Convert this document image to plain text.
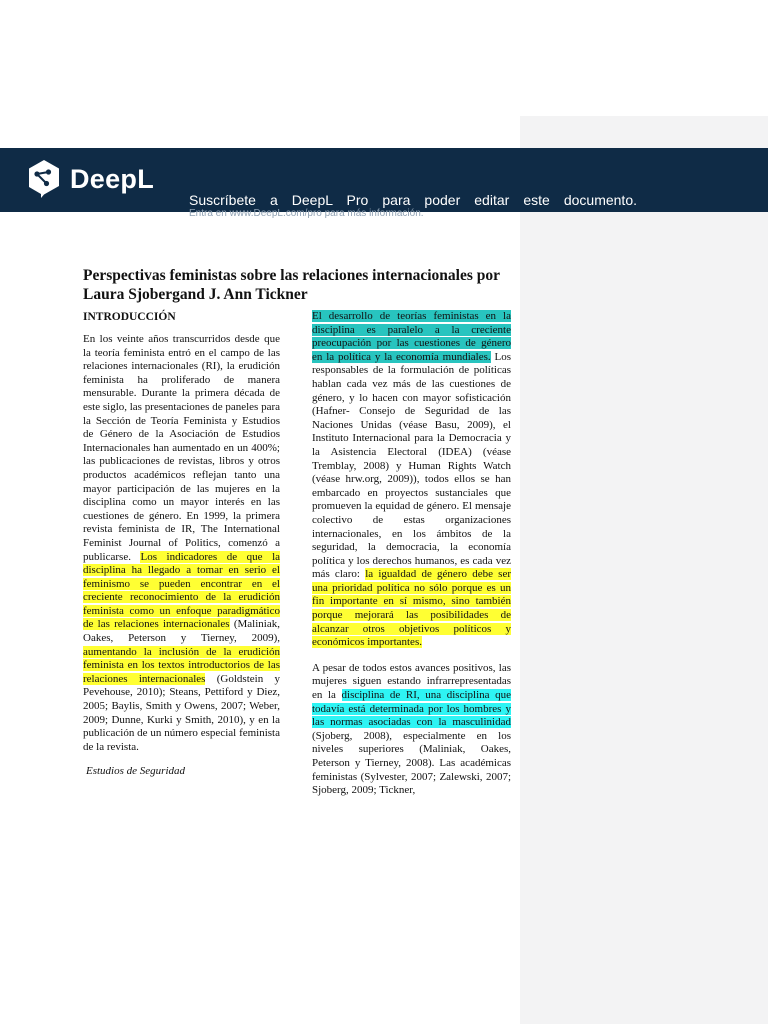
DeepL
Suscríbete a DeepL Pro para poder editar este documento.
Entra en www.DeepL.com/pro para más información.
Perspectivas feministas sobre las relaciones internacionales por Laura Sjobergand J. Ann Tickner
INTRODUCCIÓN

En los veinte años transcurridos desde que la teoría feminista entró en el campo de las relaciones internacionales (RI), la erudición feminista ha proliferado de manera mensurable. Durante la primera década de este siglo, las presentaciones de paneles para la Sección de Teoría Feminista y Estudios de Género de la Asociación de Estudios Internacionales han aumentado en un 400%; las publicaciones de revistas, libros y otros productos académicos reflejan tanto una mayor participación de las mujeres en la disciplina como un mayor interés en las cuestiones de género. En 1999, la primera revista feminista de IR, The International Feminist Journal of Politics, comenzó a publicarse. Los indicadores de que la disciplina ha llegado a tomar en serio el feminismo se pueden encontrar en el creciente reconocimiento de la erudición feminista como un enfoque paradigmático de las relaciones internacionales (Maliniak, Oakes, Peterson y Tierney, 2009), aumentando la inclusión de la erudición feminista en los textos introductorios de las relaciones internacionales (Goldstein y Pevehouse, 2010); Steans, Pettiford y Diez, 2005; Baylis, Smith y Owens, 2007; Weber, 2009; Dunne, Kurki y Smith, 2010), y en la publicación de un número especial feminista de la revista.

Estudios de Seguridad

El desarrollo de teorías feministas en la disciplina es paralelo a la creciente preocupación por las cuestiones de género en la política y la economía mundiales. Los responsables de la formulación de políticas hablan cada vez más de las cuestiones de género, y lo hacen con mayor sofisticación (Hafner- Consejo de Seguridad de las Naciones Unidas (véase Basu, 2009), el Instituto Internacional para la Democracia y la Asistencia Electoral (IDEA) (véase Tremblay, 2008) y Human Rights Watch (véase hrw.org, 2009)), todos ellos se han embarcado en proyectos sustanciales que promueven la equidad de género. El mensaje colectivo de estas organizaciones internacionales, en los ámbitos de la seguridad, la democracia, la economía política y los derechos humanos, es cada vez más claro: la igualdad de género debe ser una prioridad política no sólo porque es un fin importante en sí mismo, sino también porque mejorará las posibilidades de alcanzar otros objetivos políticos y económicos importantes.

A pesar de todos estos avances positivos, las mujeres siguen estando infrarrepresentadas en la disciplina de RI, una disciplina que todavía está determinada por los hombres y las normas asociadas con la masculinidad (Sjoberg, 2008), especialmente en los niveles superiores (Maliniak, Oakes, Peterson y Tierney, 2008). Las académicas feministas (Sylvester, 2007; Zalewski, 2007; Sjoberg, 2009; Tickner,
